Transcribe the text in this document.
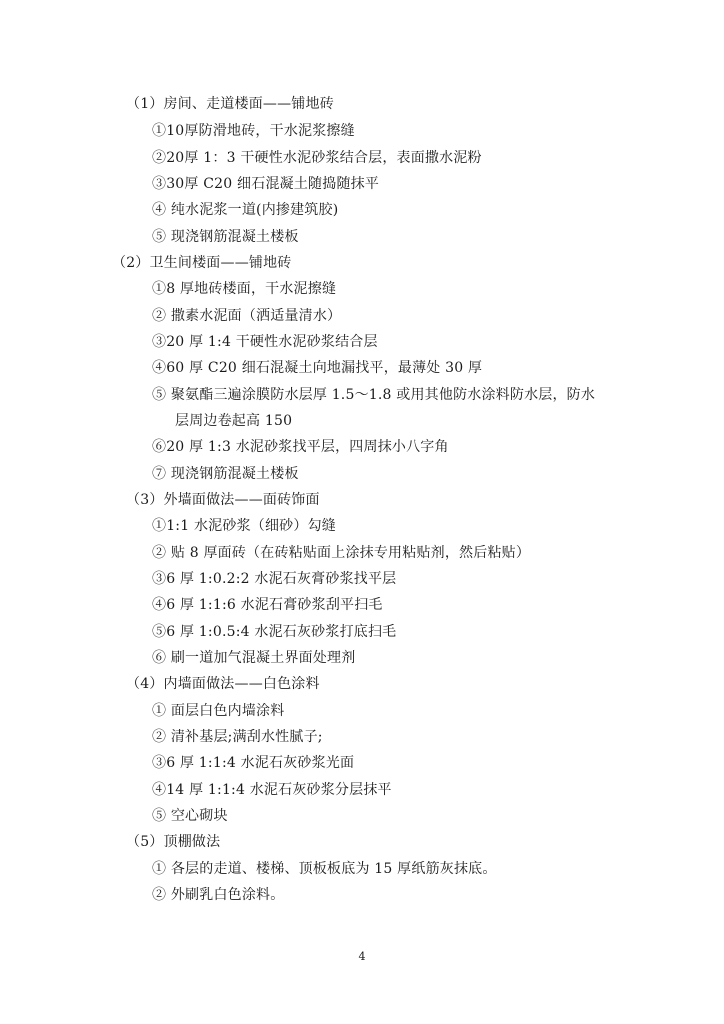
（1）房间、走道楼面——铺地砖
①10厚防滑地砖，干水泥浆擦缝
②20厚 1：3 干硬性水泥砂浆结合层，表面撒水泥粉
③30厚 C20 细石混凝土随捣随抹平
④ 纯水泥浆一道(内掺建筑胶)
⑤ 现浇钢筋混凝土楼板
（2）卫生间楼面——铺地砖
①8 厚地砖楼面，干水泥擦缝
② 撒素水泥面（洒适量清水）
③20 厚 1:4 干硬性水泥砂浆结合层
④60 厚 C20 细石混凝土向地漏找平，最薄处 30 厚
⑤ 聚氨酯三遍涂膜防水层厚 1.5～1.8 或用其他防水涂料防水层，防水
层周边卷起高 150
⑥20 厚 1:3 水泥砂浆找平层，四周抹小八字角
⑦ 现浇钢筋混凝土楼板
（3）外墙面做法——面砖饰面
①1:1 水泥砂浆（细砂）勾缝
② 贴 8 厚面砖（在砖粘贴面上涂抹专用粘贴剂，然后粘贴）
③6 厚 1:0.2:2 水泥石灰膏砂浆找平层
④6 厚 1:1:6 水泥石膏砂浆刮平扫毛
⑤6 厚 1:0.5:4 水泥石灰砂浆打底扫毛
⑥ 刷一道加气混凝土界面处理剂
（4）内墙面做法——白色涂料
① 面层白色内墙涂料
② 清补基层;满刮水性腻子;
③6 厚 1:1:4 水泥石灰砂浆光面
④14 厚 1:1:4 水泥石灰砂浆分层抹平
⑤ 空心砌块
（5）顶棚做法
① 各层的走道、楼梯、顶板板底为 15 厚纸筋灰抹底。
② 外刷乳白色涂料。
4
